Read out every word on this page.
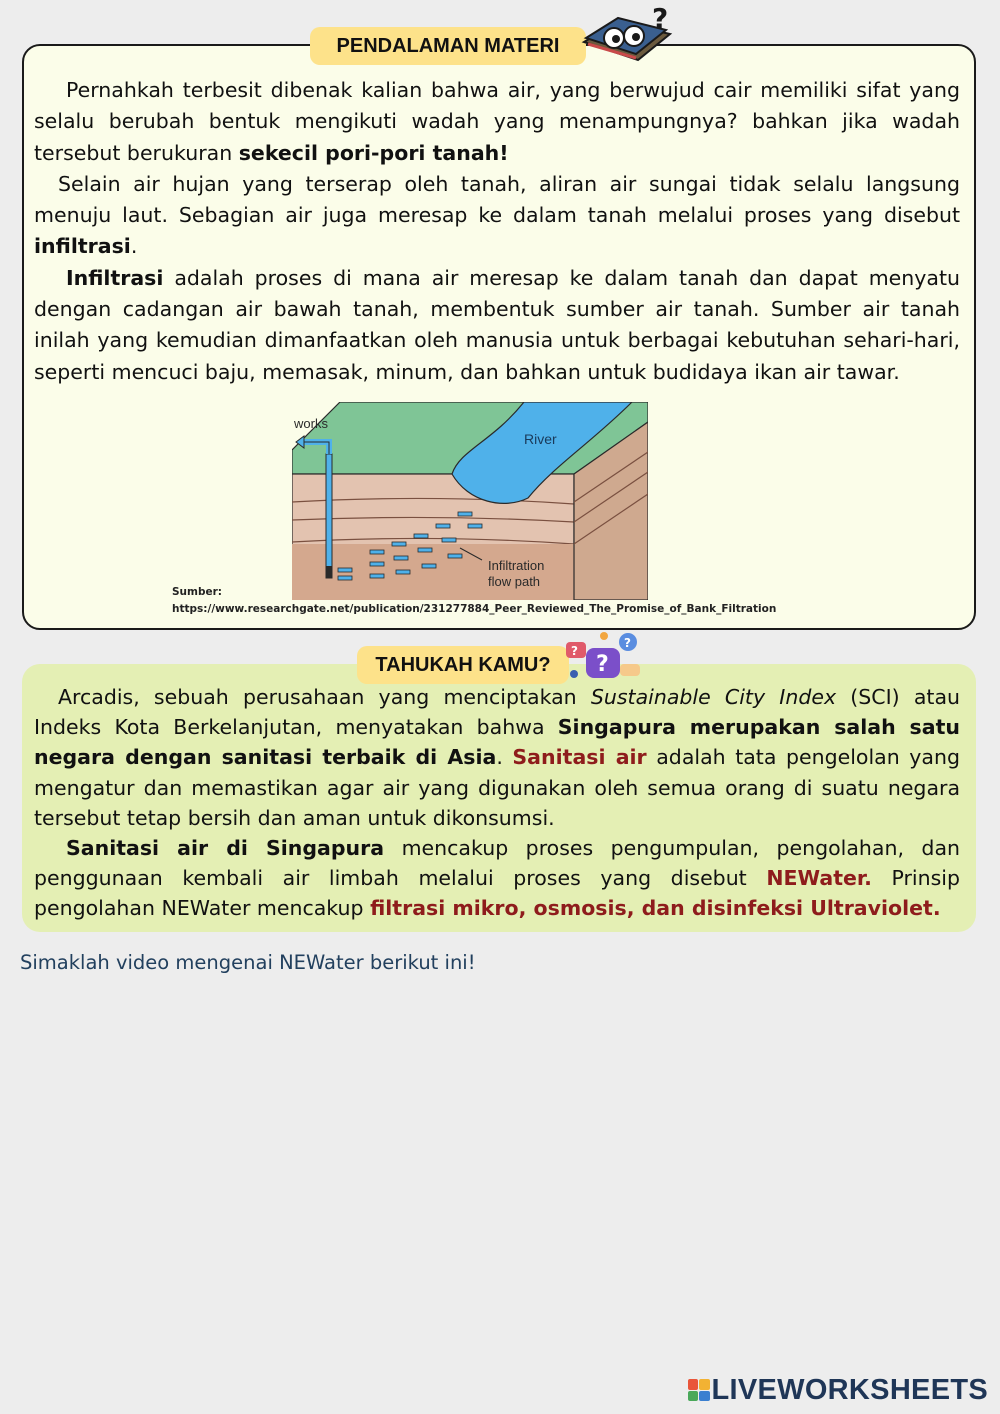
PENDALAMAN MATERI
?
Pernahkah terbesit dibenak kalian bahwa air, yang berwujud cair memiliki sifat yang selalu berubah bentuk mengikuti wadah yang menampungnya? bahkan jika wadah tersebut berukuran sekecil pori-pori tanah!
Selain air hujan yang terserap oleh tanah, aliran air sungai tidak selalu langsung menuju laut. Sebagian air juga meresap ke dalam tanah melalui proses yang disebut infiltrasi.
Infiltrasi adalah proses di mana air meresap ke dalam tanah dan dapat menyatu dengan cadangan air bawah tanah, membentuk sumber air tanah. Sumber air tanah inilah yang kemudian dimanfaatkan oleh manusia untuk berbagai kebutuhan sehari-hari, seperti mencuci baju, memasak, minum, dan bahkan untuk budidaya ikan air tawar.
works
River
Infiltration
flow path
Sumber:
https://www.researchgate.net/publication/231277884_Peer_Reviewed_The_Promise_of_Bank_Filtration
TAHUKAH KAMU?
?
?
?
Arcadis, sebuah perusahaan yang menciptakan Sustainable City Index (SCI) atau Indeks Kota Berkelanjutan, menyatakan bahwa Singapura merupakan salah satu negara dengan sanitasi terbaik di Asia. Sanitasi air adalah tata pengelolan yang mengatur dan memastikan agar air yang digunakan oleh semua orang di suatu negara tersebut tetap bersih dan aman untuk dikonsumsi.
Sanitasi air di Singapura mencakup proses pengumpulan, pengolahan, dan penggunaan kembali air limbah melalui proses yang disebut NEWater. Prinsip pengolahan NEWater mencakup filtrasi mikro, osmosis, dan disinfeksi Ultraviolet.
Simaklah video mengenai NEWater berikut ini!
LIVEWORKSHEETS
